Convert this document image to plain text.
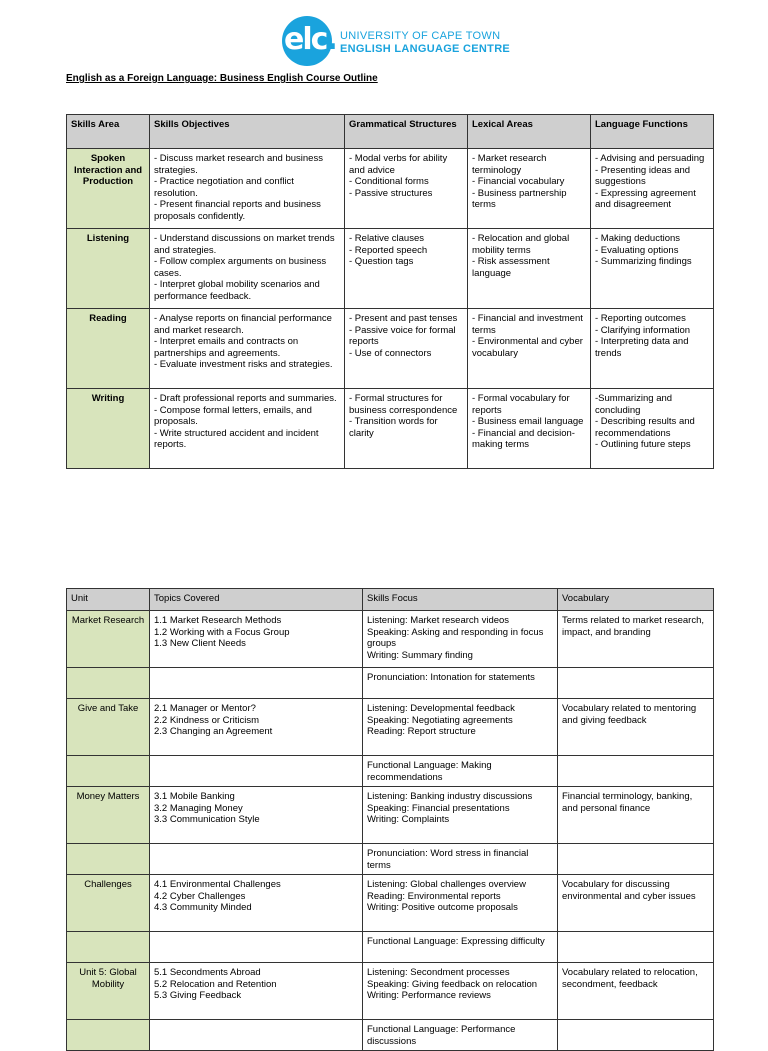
elc. UNIVERSITY OF CAPE TOWN
ENGLISH LANGUAGE CENTRE
English as a Foreign Language: Business English Course Outline
Skills Area	Skills Objectives	Grammatical Structures	Lexical Areas	Language Functions
Spoken Interaction and Production	- Discuss market research and business strategies.
- Practice negotiation and conflict resolution.
- Present financial reports and business proposals confidently.	- Modal verbs for ability and advice
- Conditional forms
- Passive structures	- Market research terminology
- Financial vocabulary
- Business partnership terms	- Advising and persuading
- Presenting ideas and suggestions
- Expressing agreement and disagreement
Listening	- Understand discussions on market trends and strategies.
- Follow complex arguments on business cases.
- Interpret global mobility scenarios and performance feedback.	- Relative clauses
- Reported speech
- Question tags	- Relocation and global mobility terms
- Risk assessment language	- Making deductions
- Evaluating options
- Summarizing findings
Reading	- Analyse reports on financial performance and market research.
- Interpret emails and contracts on partnerships and agreements.
- Evaluate investment risks and strategies.	- Present and past tenses
- Passive voice for formal reports
- Use of connectors	- Financial and investment terms
- Environmental and cyber vocabulary	- Reporting outcomes
- Clarifying information
- Interpreting data and trends
Writing	- Draft professional reports and summaries.
- Compose formal letters, emails, and proposals.
- Write structured accident and incident reports.	- Formal structures for business correspondence
- Transition words for clarity	- Formal vocabulary for reports
- Business email language
- Financial and decision-making terms	-Summarizing and concluding
- Describing results and recommendations
- Outlining future steps
Unit	Topics Covered	Skills Focus	Vocabulary
Market Research	1.1 Market Research Methods
1.2 Working with a Focus Group
1.3 New Client Needs	Listening: Market research videos
Speaking: Asking and responding in focus groups
Writing: Summary finding	Terms related to market research, impact, and branding
		Pronunciation: Intonation for statements	
Give and Take	2.1 Manager or Mentor?
2.2 Kindness or Criticism
2.3 Changing an Agreement	Listening: Developmental feedback
Speaking: Negotiating agreements
Reading: Report structure	Vocabulary related to mentoring and giving feedback
		Functional Language: Making recommendations	
Money Matters	3.1 Mobile Banking
3.2 Managing Money
3.3 Communication Style	Listening: Banking industry discussions
Speaking: Financial presentations
Writing: Complaints	Financial terminology, banking, and personal finance
		Pronunciation: Word stress in financial terms	
Challenges	4.1 Environmental Challenges
4.2 Cyber Challenges
4.3 Community Minded	Listening: Global challenges overview
Reading: Environmental reports
Writing: Positive outcome proposals	Vocabulary for discussing environmental and cyber issues
		Functional Language: Expressing difficulty	
Unit 5: Global Mobility	5.1 Secondments Abroad
5.2 Relocation and Retention
5.3 Giving Feedback	Listening: Secondment processes
Speaking: Giving feedback on relocation
Writing: Performance reviews	Vocabulary related to relocation, secondment, feedback
		Functional Language: Performance discussions	
